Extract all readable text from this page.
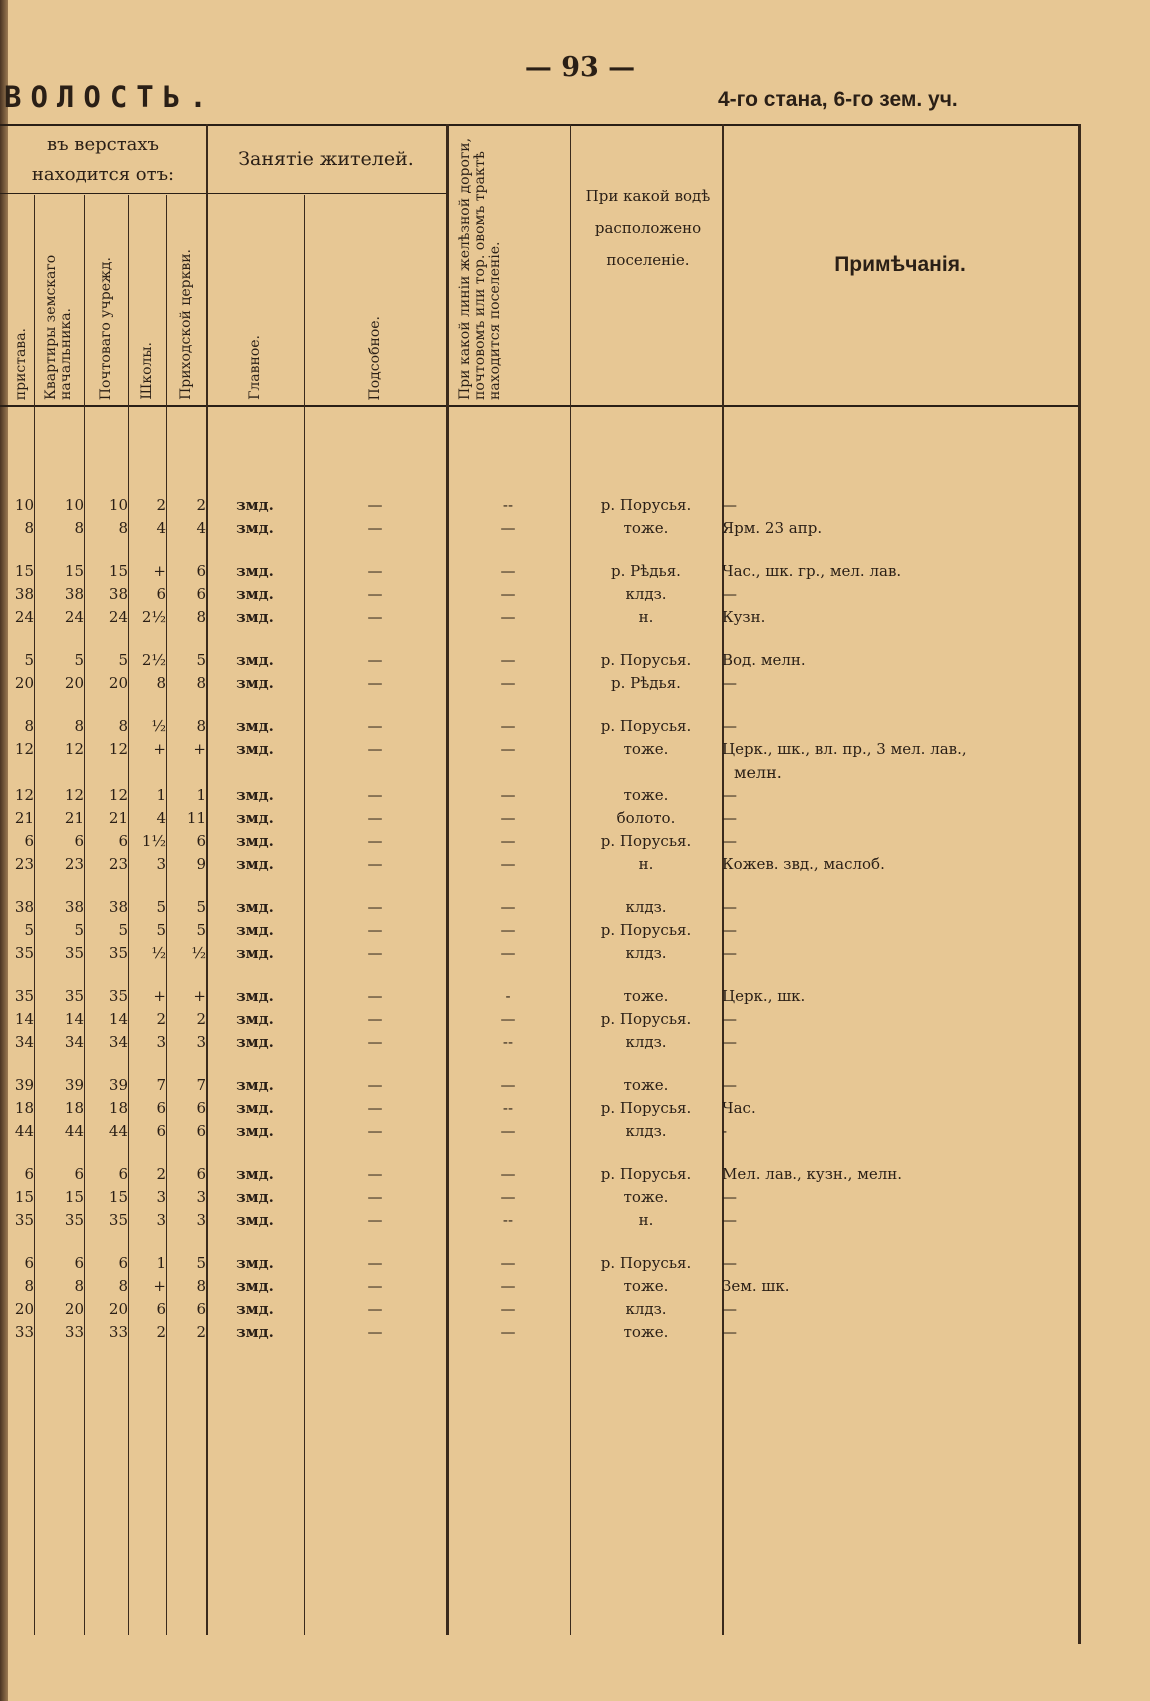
— 93 —
ВОЛОСТЬ.	4-го стана, 6-го зем. уч.
въ верстахъ находится отъ:
Занятіе жителей.
При какой водѣ расположено поселеніе.	Примѣчанія.
пристава. Квартиры земскаго начальника. Почтоваго учрежд. Школы. Приходской церкви.	Главное.	Подсобное.	При какой линіи желѣзной дороги, почтовомъ или тор. овомъ трактѣ находится поселеніе.
10	10	10	2	2	змд.	—	--	р. Порусья.	—
8	8	8	4	4	змд.	—	—	тоже.	Ярм. 23 апр.

15	15	15	+	6	змд.	—	—	р. Рѣдья.	Час., шк. гр., мел. лав.
38	38	38	6	6	змд.	—	—	клдз.	—
24	24	24	2½	8	змд.	—	—	н.	Кузн.

5	5	5	2½	5	змд.	—	—	р. Порусья.	Вод. мелн.
20	20	20	8	8	змд.	—	—	р. Рѣдья.	—

8	8	8	½	8	змд.	—	—	р. Порусья.	—
12	12	12	+	+	змд.	—	—	тоже.	Церк., шк., вл. пр., 3 мел. лав.,
									мелн.
12	12	12	1	1	змд.	—	—	тоже.	—
21	21	21	4	11	змд.	—	—	болото.	—
6	6	6	1½	6	змд.	—	—	р. Порусья.	—
23	23	23	3	9	змд.	—	—	н.	Кожев. звд., маслоб.

38	38	38	5	5	змд.	—	—	клдз.	—
5	5	5	5	5	змд.	—	—	р. Порусья.	—
35	35	35	½	½	змд.	—	—	клдз.	—

35	35	35	+	+	змд.	—	-	тоже.	Церк., шк.
14	14	14	2	2	змд.	—	—	р. Порусья.	—
34	34	34	3	3	змд.	—	--	клдз.	—

39	39	39	7	7	змд.	—	—	тоже.	—
18	18	18	6	6	змд.	—	--	р. Порусья.	Час.
44	44	44	6	6	змд.	—	—	клдз.	-

6	6	6	2	6	змд.	—	—	р. Порусья.	Мел. лав., кузн., мелн.
15	15	15	3	3	змд.	—	—	тоже.	—
35	35	35	3	3	змд.	—	--	н.	—

6	6	6	1	5	змд.	—	—	р. Порусья.	—
8	8	8	+	8	змд.	—	—	тоже.	Зем. шк.
20	20	20	6	6	змд.	—	—	клдз.	—
33	33	33	2	2	змд.	—	—	тоже.	—
